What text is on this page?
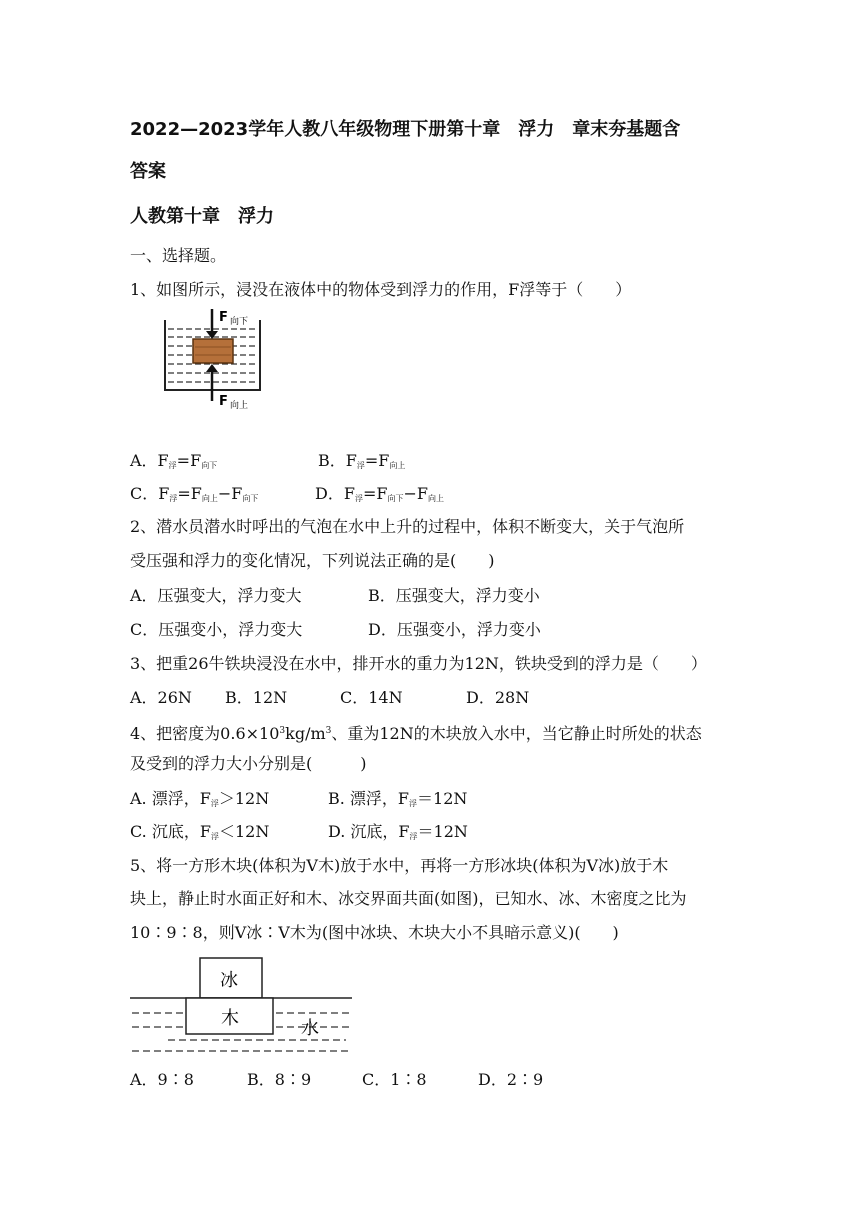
2022—2023学年人教八年级物理下册第十章　浮力　章末夯基题含
答案
人教第十章　浮力
一、选择题。
1、如图所示，浸没在液体中的物体受到浮力的作用，F浮等于（　　）
F 向下
F 向上
A．$F_浮=F_{向下}$	B．$F_浮=F_{向上}$
C．$F_浮=F_{向上}-F_{向下}$	D．$F_浮=F_{向下}-F_{向上}$
2、潜水员潜水时呼出的气泡在水中上升的过程中，体积不断变大，关于气泡所
受压强和浮力的变化情况，下列说法正确的是(　　)
A．压强变大，浮力变大	B．压强变大，浮力变小
C．压强变小，浮力变大	D．压强变小，浮力变小
3、把重26牛铁块浸没在水中，排开水的重力为12N，铁块受到的浮力是（　　）
A．26N B．12N	C．14N	D．28N
4、把密度为$0.6\times 10^3kg/m^3$、重为12N的木块放入水中，当它静止时所处的状态
及受到的浮力大小分别是(　　　)
A. 漂浮，$F_浮>12N$	B. 漂浮，$F_浮=12N$
C. 沉底，$F_浮<12N$	D. 沉底，$F_浮=12N$
5、将一方形木块(体积为V木)放于水中，再将一方形冰块(体积为V冰)放于木
块上，静止时水面正好和木、冰交界面共面(如图)，已知水、冰、木密度之比为
10∶9∶8，则V冰∶V木为(图中冰块、木块大小不具暗示意义)(　　)
冰
木	水
A．9∶8	B．8∶9	C．1∶8	D．2∶9
